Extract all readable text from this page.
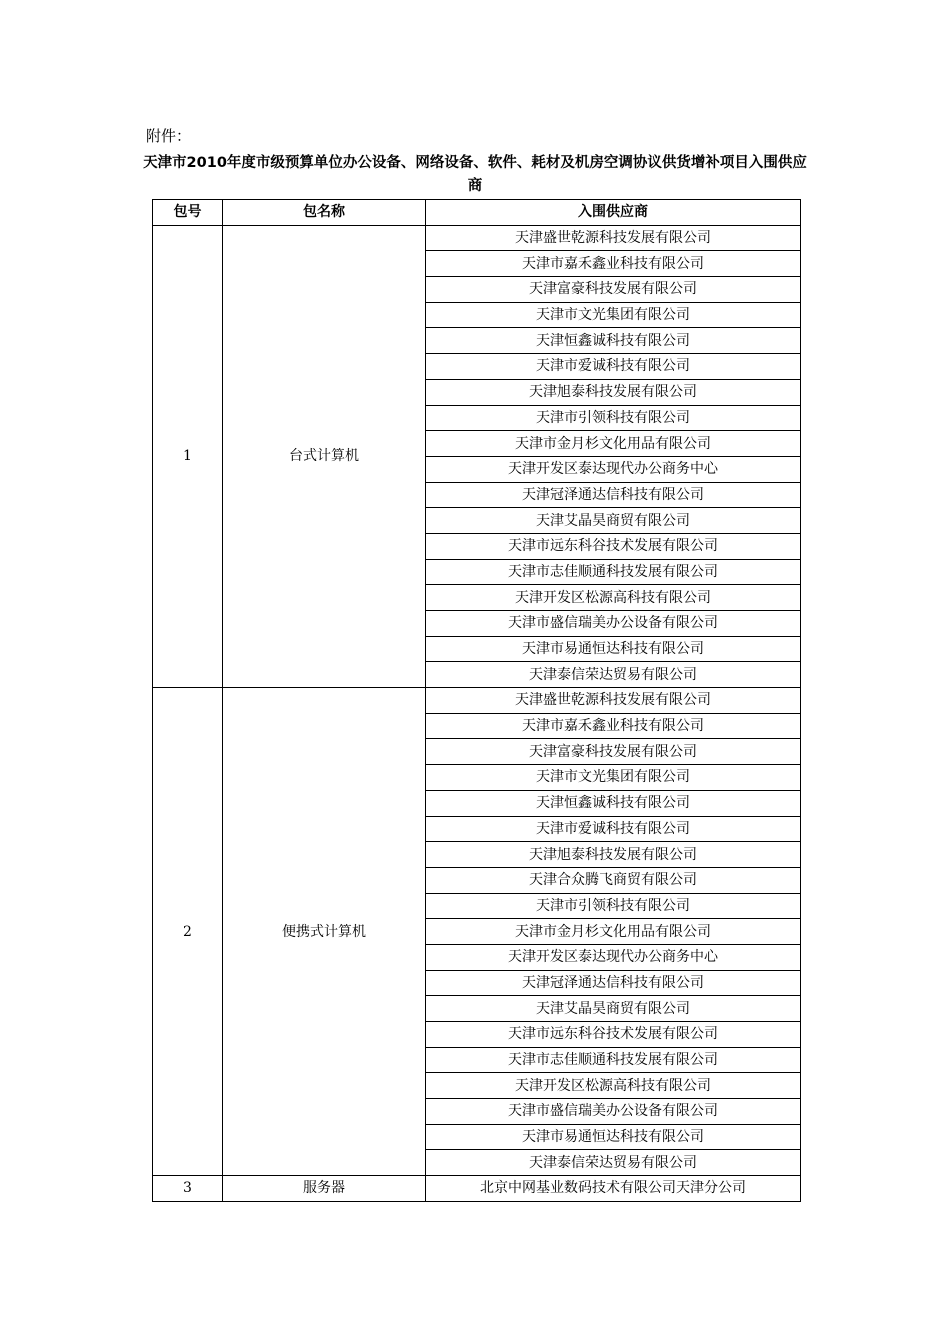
附件：
天津市2010年度市级预算单位办公设备、网络设备、软件、耗材及机房空调协议供货增补项目入围供应商
包号	包名称	入围供应商
1	台式计算机	天津盛世乾源科技发展有限公司
		天津市嘉禾鑫业科技有限公司
		天津富豪科技发展有限公司
		天津市文光集团有限公司
		天津恒鑫诚科技有限公司
		天津市爱诚科技有限公司
		天津旭泰科技发展有限公司
		天津市引领科技有限公司
		天津市金月杉文化用品有限公司
		天津开发区泰达现代办公商务中心
		天津冠泽通达信科技有限公司
		天津艾晶昊商贸有限公司
		天津市远东科谷技术发展有限公司
		天津市志佳顺通科技发展有限公司
		天津开发区松源高科技有限公司
		天津市盛信瑞美办公设备有限公司
		天津市易通恒达科技有限公司
		天津泰信荣达贸易有限公司
2	便携式计算机	天津盛世乾源科技发展有限公司
		天津市嘉禾鑫业科技有限公司
		天津富豪科技发展有限公司
		天津市文光集团有限公司
		天津恒鑫诚科技有限公司
		天津市爱诚科技有限公司
		天津旭泰科技发展有限公司
		天津合众腾飞商贸有限公司
		天津市引领科技有限公司
		天津市金月杉文化用品有限公司
		天津开发区泰达现代办公商务中心
		天津冠泽通达信科技有限公司
		天津艾晶昊商贸有限公司
		天津市远东科谷技术发展有限公司
		天津市志佳顺通科技发展有限公司
		天津开发区松源高科技有限公司
		天津市盛信瑞美办公设备有限公司
		天津市易通恒达科技有限公司
		天津泰信荣达贸易有限公司
3	服务器	北京中网基业数码技术有限公司天津分公司
